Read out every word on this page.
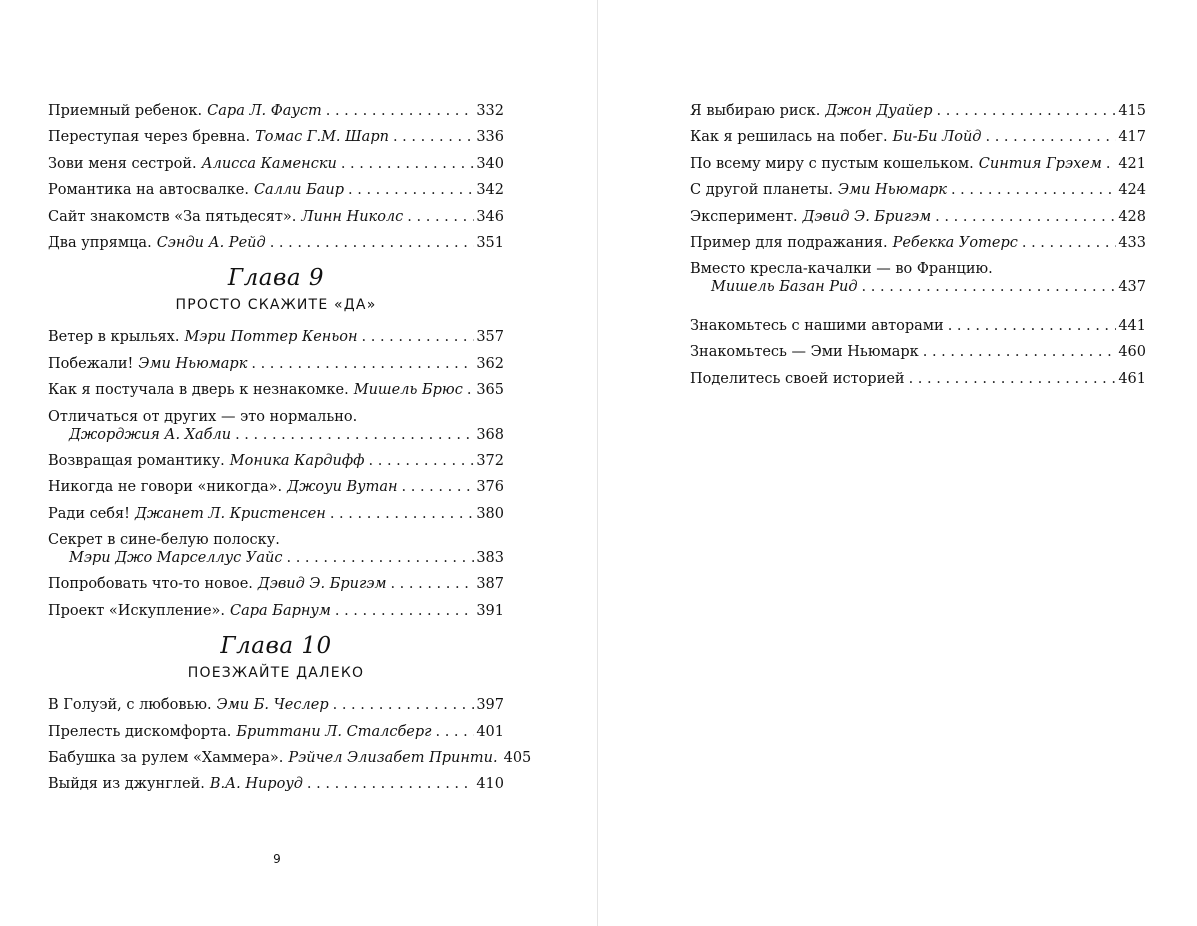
Приемный ребенок. Сара Л. Фауст . . .	332
Переступая через бревна. Томас Г.М. Шарп . . .	336
Зови меня сестрой. Алисса Каменски . . .	340
Романтика на автосвалке. Салли Баир . . .	342
Сайт знакомств «За пятьдесят». Линн Николс . . .	346
Два упрямца. Сэнди А. Рейд . . .	351
Глава 9
ПРОСТО СКАЖИТЕ «ДА»
Ветер в крыльях. Мэри Поттер Кеньон . . .	357
Побежали! Эми Ньюмарк . . .	362
Как я постучала в дверь к незнакомке. Мишель Брюс . . . 365
Отличаться от других — это нормально.
Джорджия А. Хабли . . .	368
Возвращая романтику. Моника Кардифф . . .	372
Никогда не говори «никогда». Джоуи Вутан . . .	376
Ради себя! Джанет Л. Кристенсен . . .	380
Секрет в сине-белую полоску.
Мэри Джо Марселлус Уайс . . .	383
Попробовать что-то новое. Дэвид Э. Бригэм . . .	387
Проект «Искупление». Сара Барнум . . .	391
Глава 10
ПОЕЗЖАЙТЕ ДАЛЕКО
В Голуэй, с любовью. Эми Б. Чеслер . . .	397
Прелесть дискомфорта. Бриттани Л. Сталсберг . . .	401
Бабушка за рулем «Хаммера». Рэйчел Элизабет Принти. 405
Выйдя из джунглей. В.А. Нироуд . . .	410
9
Я выбираю риск. Джон Дуайер . . .	415
Как я решилась на побег. Би-Би Лойд . . .	417
По всему миру с пустым кошельком. Синтия Грэхем . . . 421
С другой планеты. Эми Ньюмарк . . .	424
Эксперимент. Дэвид Э. Бригэм . . .	428
Пример для подражания. Ребекка Уотерс . . .	433
Вместо кресла-качалки — во Францию.
Мишель Базан Рид . . .	437
Знакомьтесь с нашими авторами . . .	441
Знакомьтесь — Эми Ньюмарк . . .	460
Поделитесь своей историей . . .	461
